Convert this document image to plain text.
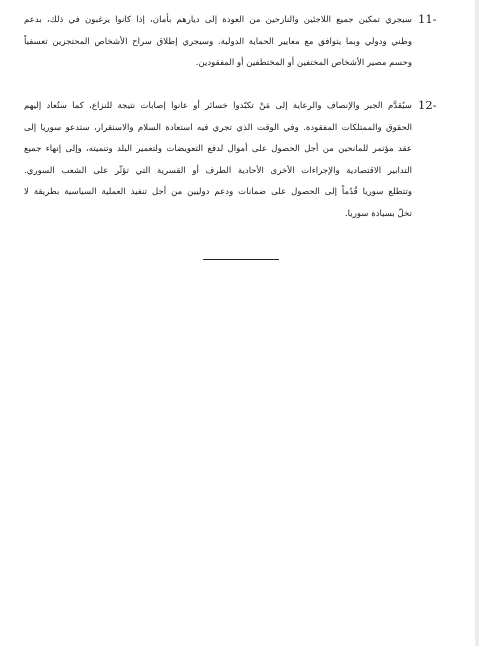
11-
سيجري تمكين جميع اللاجئين والنازحين من العودة إلى ديارهم بأمان، إذا كانوا يرغبون في ذلك، بدعم
وطني ودولي وبما يتوافق مع معايير الحماية الدولية. وسيجري إطلاق سراح الأشخاص المحتجزين تعسفياً
وحسم مصير الأشخاص المختفين أو المختطفين أو المفقودين.
12-
سيُقدَّم الجبر والإنصاف والرعاية إلى مَنْ تكبّدوا خسائر أو عانوا إصابات نتيجة للنزاع، كما ستُعاد إليهم
الحقوق والممتلكات المفقودة. وفي الوقت الذي تجري فيه استعادة السلام والاستقرار، ستدعو سوريا إلى
عقد مؤتمر للمانحين من أجل الحصول على أموال لدفع التعويضات ولتعمير البلد وتنميته، وإلى إنهاء جميع
التدابير الاقتصادية والإجراءات الأخرى الأحادية الطرف أو القسرية التي تؤثّر على الشعب السوري.
وتتطلع سوريا قُدُماً إلى الحصول على ضمانات ودعم دوليين من أجل تنفيذ العملية السياسية بطريقة لا
تخلّ بسيادة سوريا.
